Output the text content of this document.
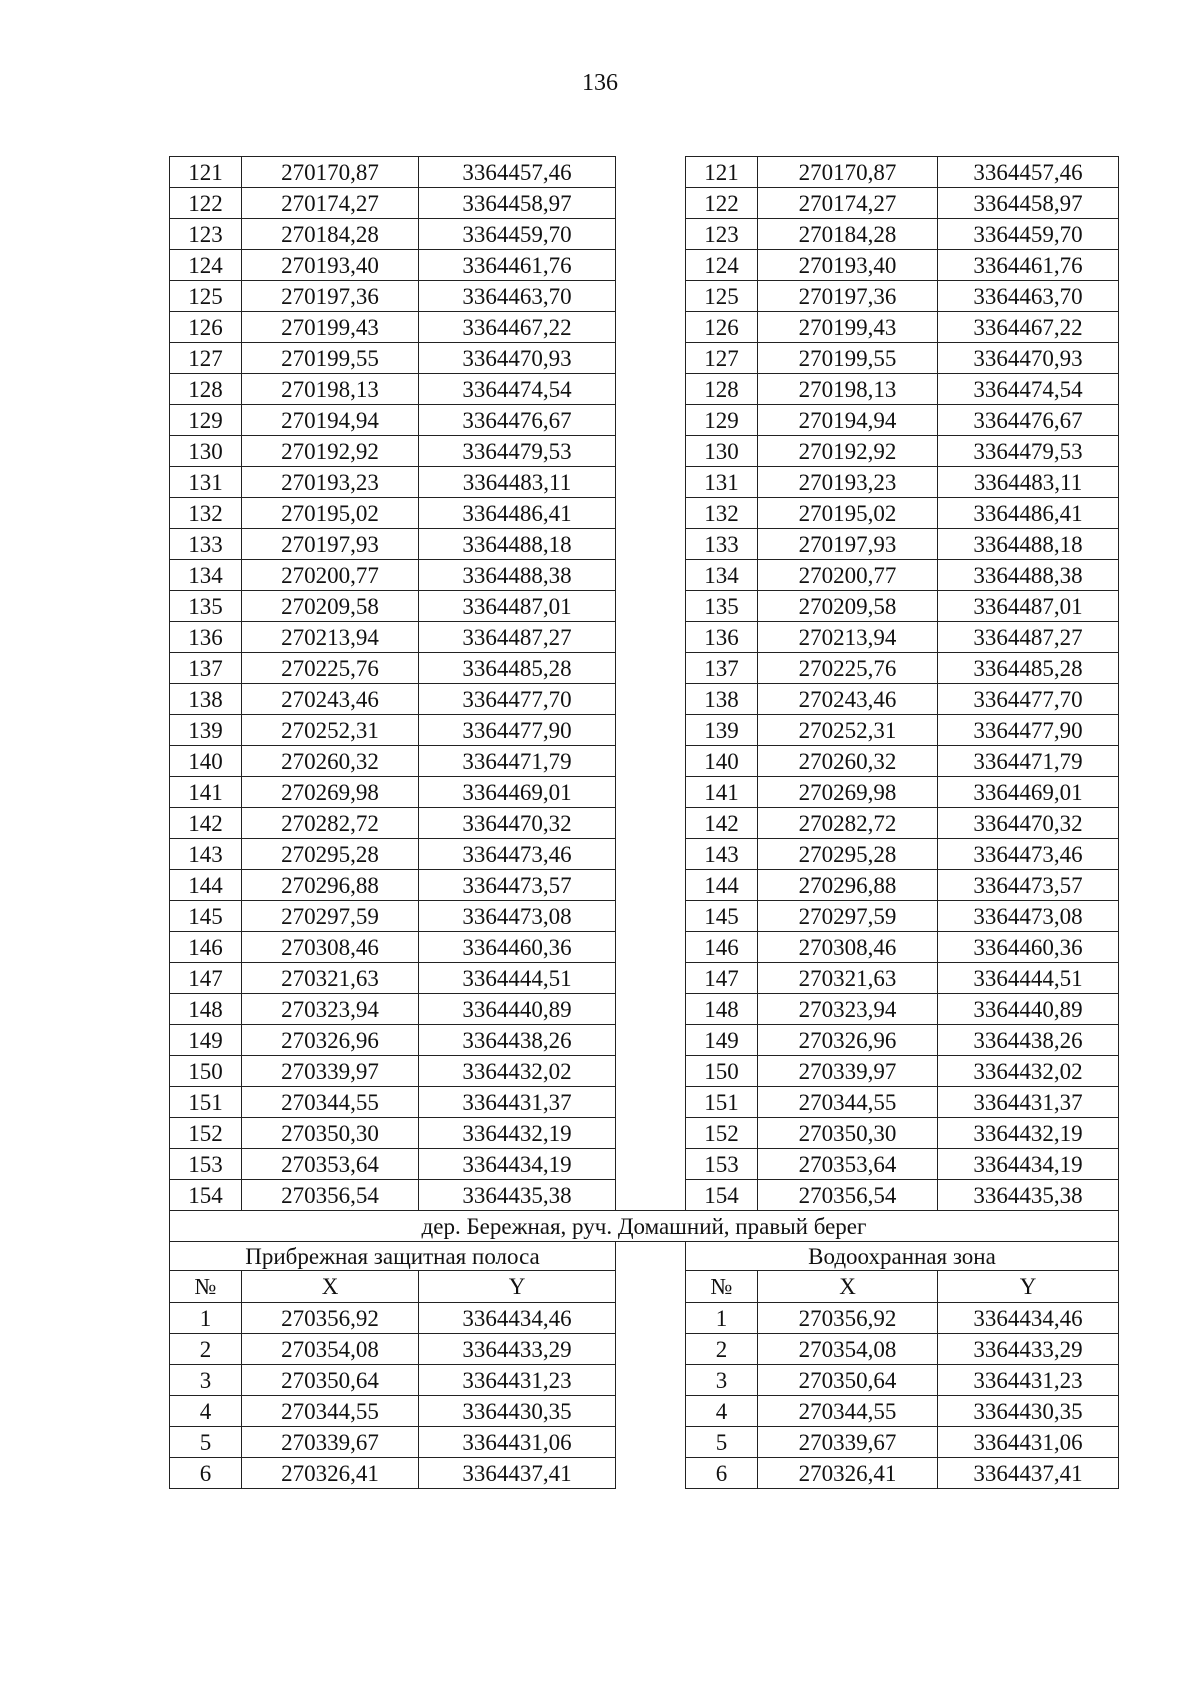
136
121	270170,87	3364457,46		121	270170,87	3364457,46
122	270174,27	3364458,97		122	270174,27	3364458,97
123	270184,28	3364459,70		123	270184,28	3364459,70
124	270193,40	3364461,76		124	270193,40	3364461,76
125	270197,36	3364463,70		125	270197,36	3364463,70
126	270199,43	3364467,22		126	270199,43	3364467,22
127	270199,55	3364470,93		127	270199,55	3364470,93
128	270198,13	3364474,54		128	270198,13	3364474,54
129	270194,94	3364476,67		129	270194,94	3364476,67
130	270192,92	3364479,53		130	270192,92	3364479,53
131	270193,23	3364483,11		131	270193,23	3364483,11
132	270195,02	3364486,41		132	270195,02	3364486,41
133	270197,93	3364488,18		133	270197,93	3364488,18
134	270200,77	3364488,38		134	270200,77	3364488,38
135	270209,58	3364487,01		135	270209,58	3364487,01
136	270213,94	3364487,27		136	270213,94	3364487,27
137	270225,76	3364485,28		137	270225,76	3364485,28
138	270243,46	3364477,70		138	270243,46	3364477,70
139	270252,31	3364477,90		139	270252,31	3364477,90
140	270260,32	3364471,79		140	270260,32	3364471,79
141	270269,98	3364469,01		141	270269,98	3364469,01
142	270282,72	3364470,32		142	270282,72	3364470,32
143	270295,28	3364473,46		143	270295,28	3364473,46
144	270296,88	3364473,57		144	270296,88	3364473,57
145	270297,59	3364473,08		145	270297,59	3364473,08
146	270308,46	3364460,36		146	270308,46	3364460,36
147	270321,63	3364444,51		147	270321,63	3364444,51
148	270323,94	3364440,89		148	270323,94	3364440,89
149	270326,96	3364438,26		149	270326,96	3364438,26
150	270339,97	3364432,02		150	270339,97	3364432,02
151	270344,55	3364431,37		151	270344,55	3364431,37
152	270350,30	3364432,19		152	270350,30	3364432,19
153	270353,64	3364434,19		153	270353,64	3364434,19
154	270356,54	3364435,38		154	270356,54	3364435,38
дер. Бережная, руч. Домашний, правый берег						
Прибрежная защитная полоса				Водоохранная зона		
№	X	Y		№	X	Y
1	270356,92	3364434,46		1	270356,92	3364434,46
2	270354,08	3364433,29		2	270354,08	3364433,29
3	270350,64	3364431,23		3	270350,64	3364431,23
4	270344,55	3364430,35		4	270344,55	3364430,35
5	270339,67	3364431,06		5	270339,67	3364431,06
6	270326,41	3364437,41		6	270326,41	3364437,41
